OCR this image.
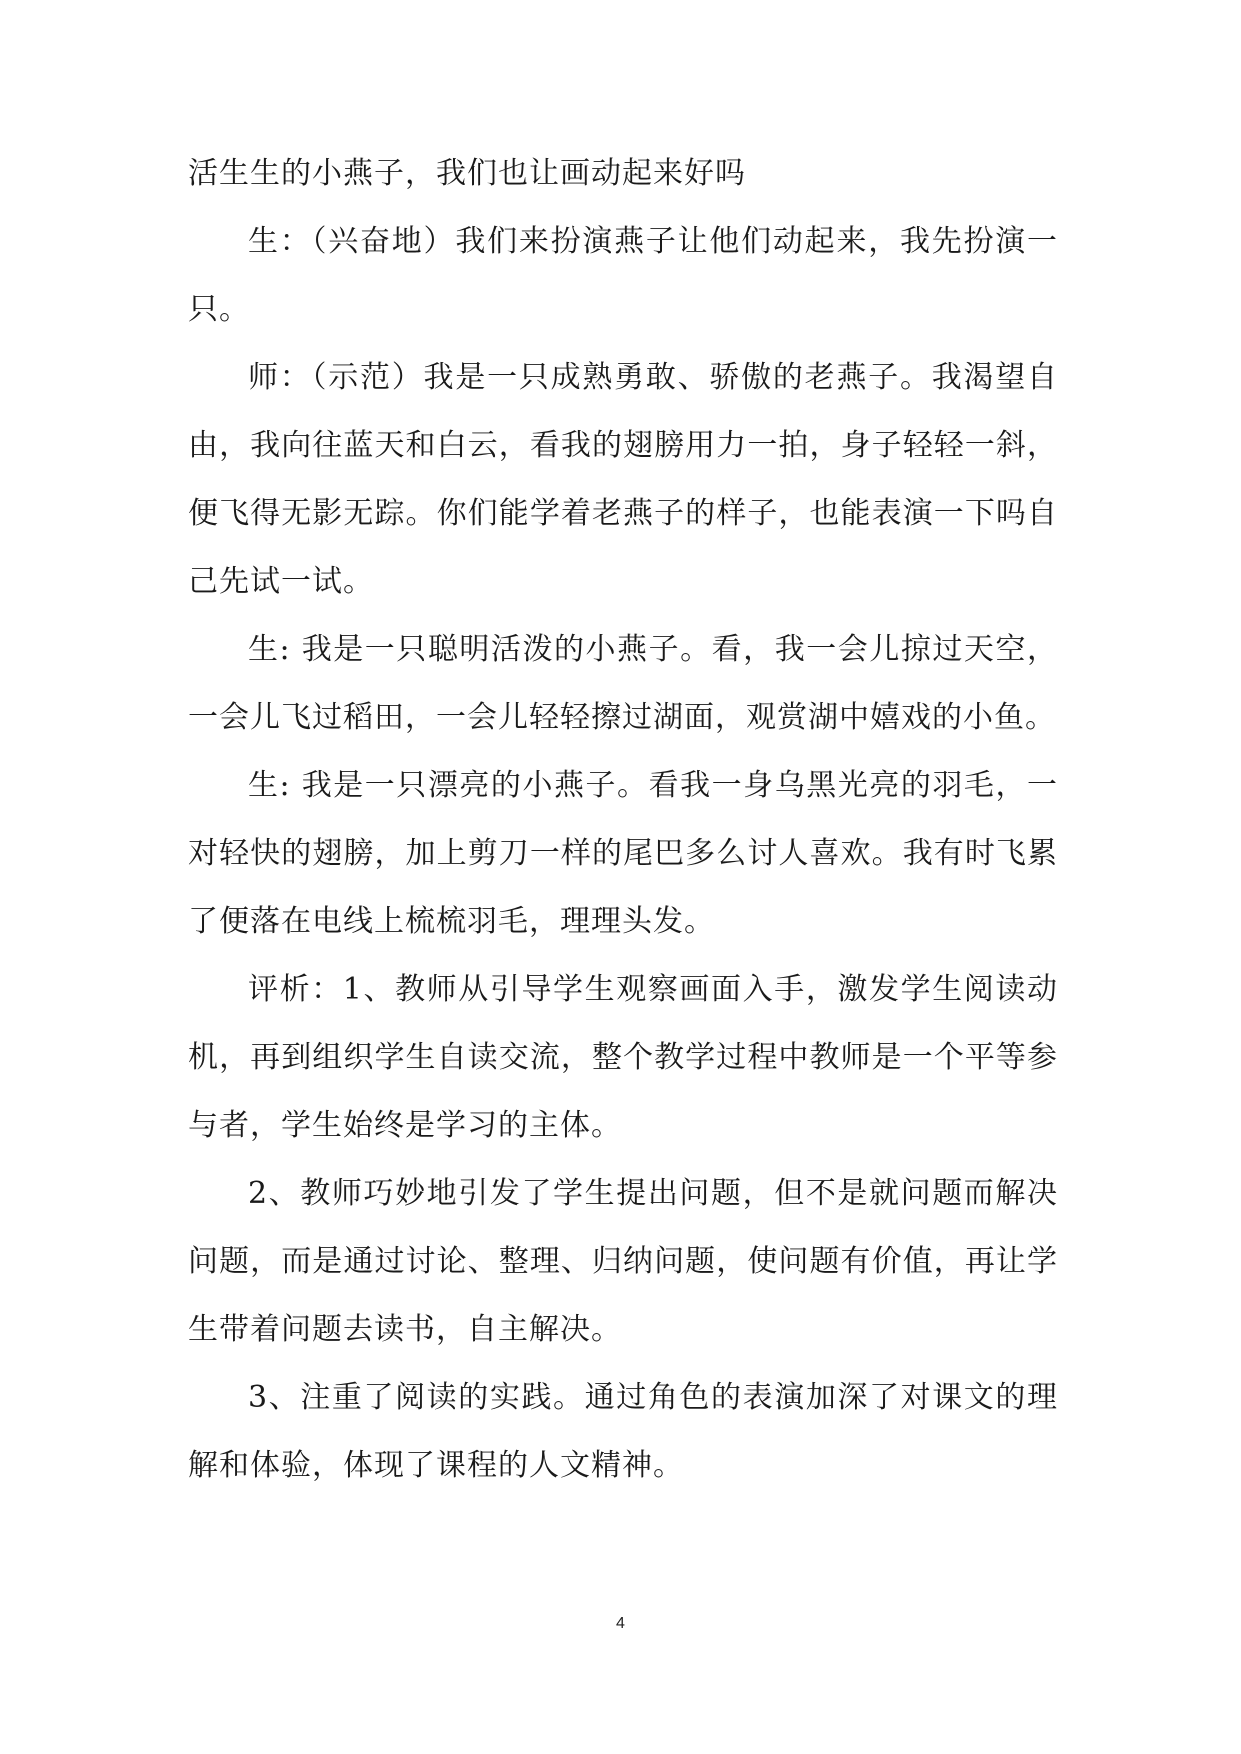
活生生的小燕子，我们也让画动起来好吗

生：（兴奋地）我们来扮演燕子让他们动起来，我先扮演一只。

师：（示范）我是一只成熟勇敢、骄傲的老燕子。我渴望自由，我向往蓝天和白云，看我的翅膀用力一拍，身子轻轻一斜，便飞得无影无踪。你们能学着老燕子的样子，也能表演一下吗自己先试一试。

生: 我是一只聪明活泼的小燕子。看，我一会儿掠过天空，一会儿飞过稻田，一会儿轻轻擦过湖面，观赏湖中嬉戏的小鱼。

生: 我是一只漂亮的小燕子。看我一身乌黑光亮的羽毛，一对轻快的翅膀，加上剪刀一样的尾巴多么讨人喜欢。我有时飞累了便落在电线上梳梳羽毛，理理头发。

评析：1、教师从引导学生观察画面入手，激发学生阅读动机，再到组织学生自读交流，整个教学过程中教师是一个平等参与者，学生始终是学习的主体。

2、教师巧妙地引发了学生提出问题，但不是就问题而解决问题，而是通过讨论、整理、归纳问题，使问题有价值，再让学生带着问题去读书，自主解决。

3、注重了阅读的实践。通过角色的表演加深了对课文的理解和体验，体现了课程的人文精神。

4
